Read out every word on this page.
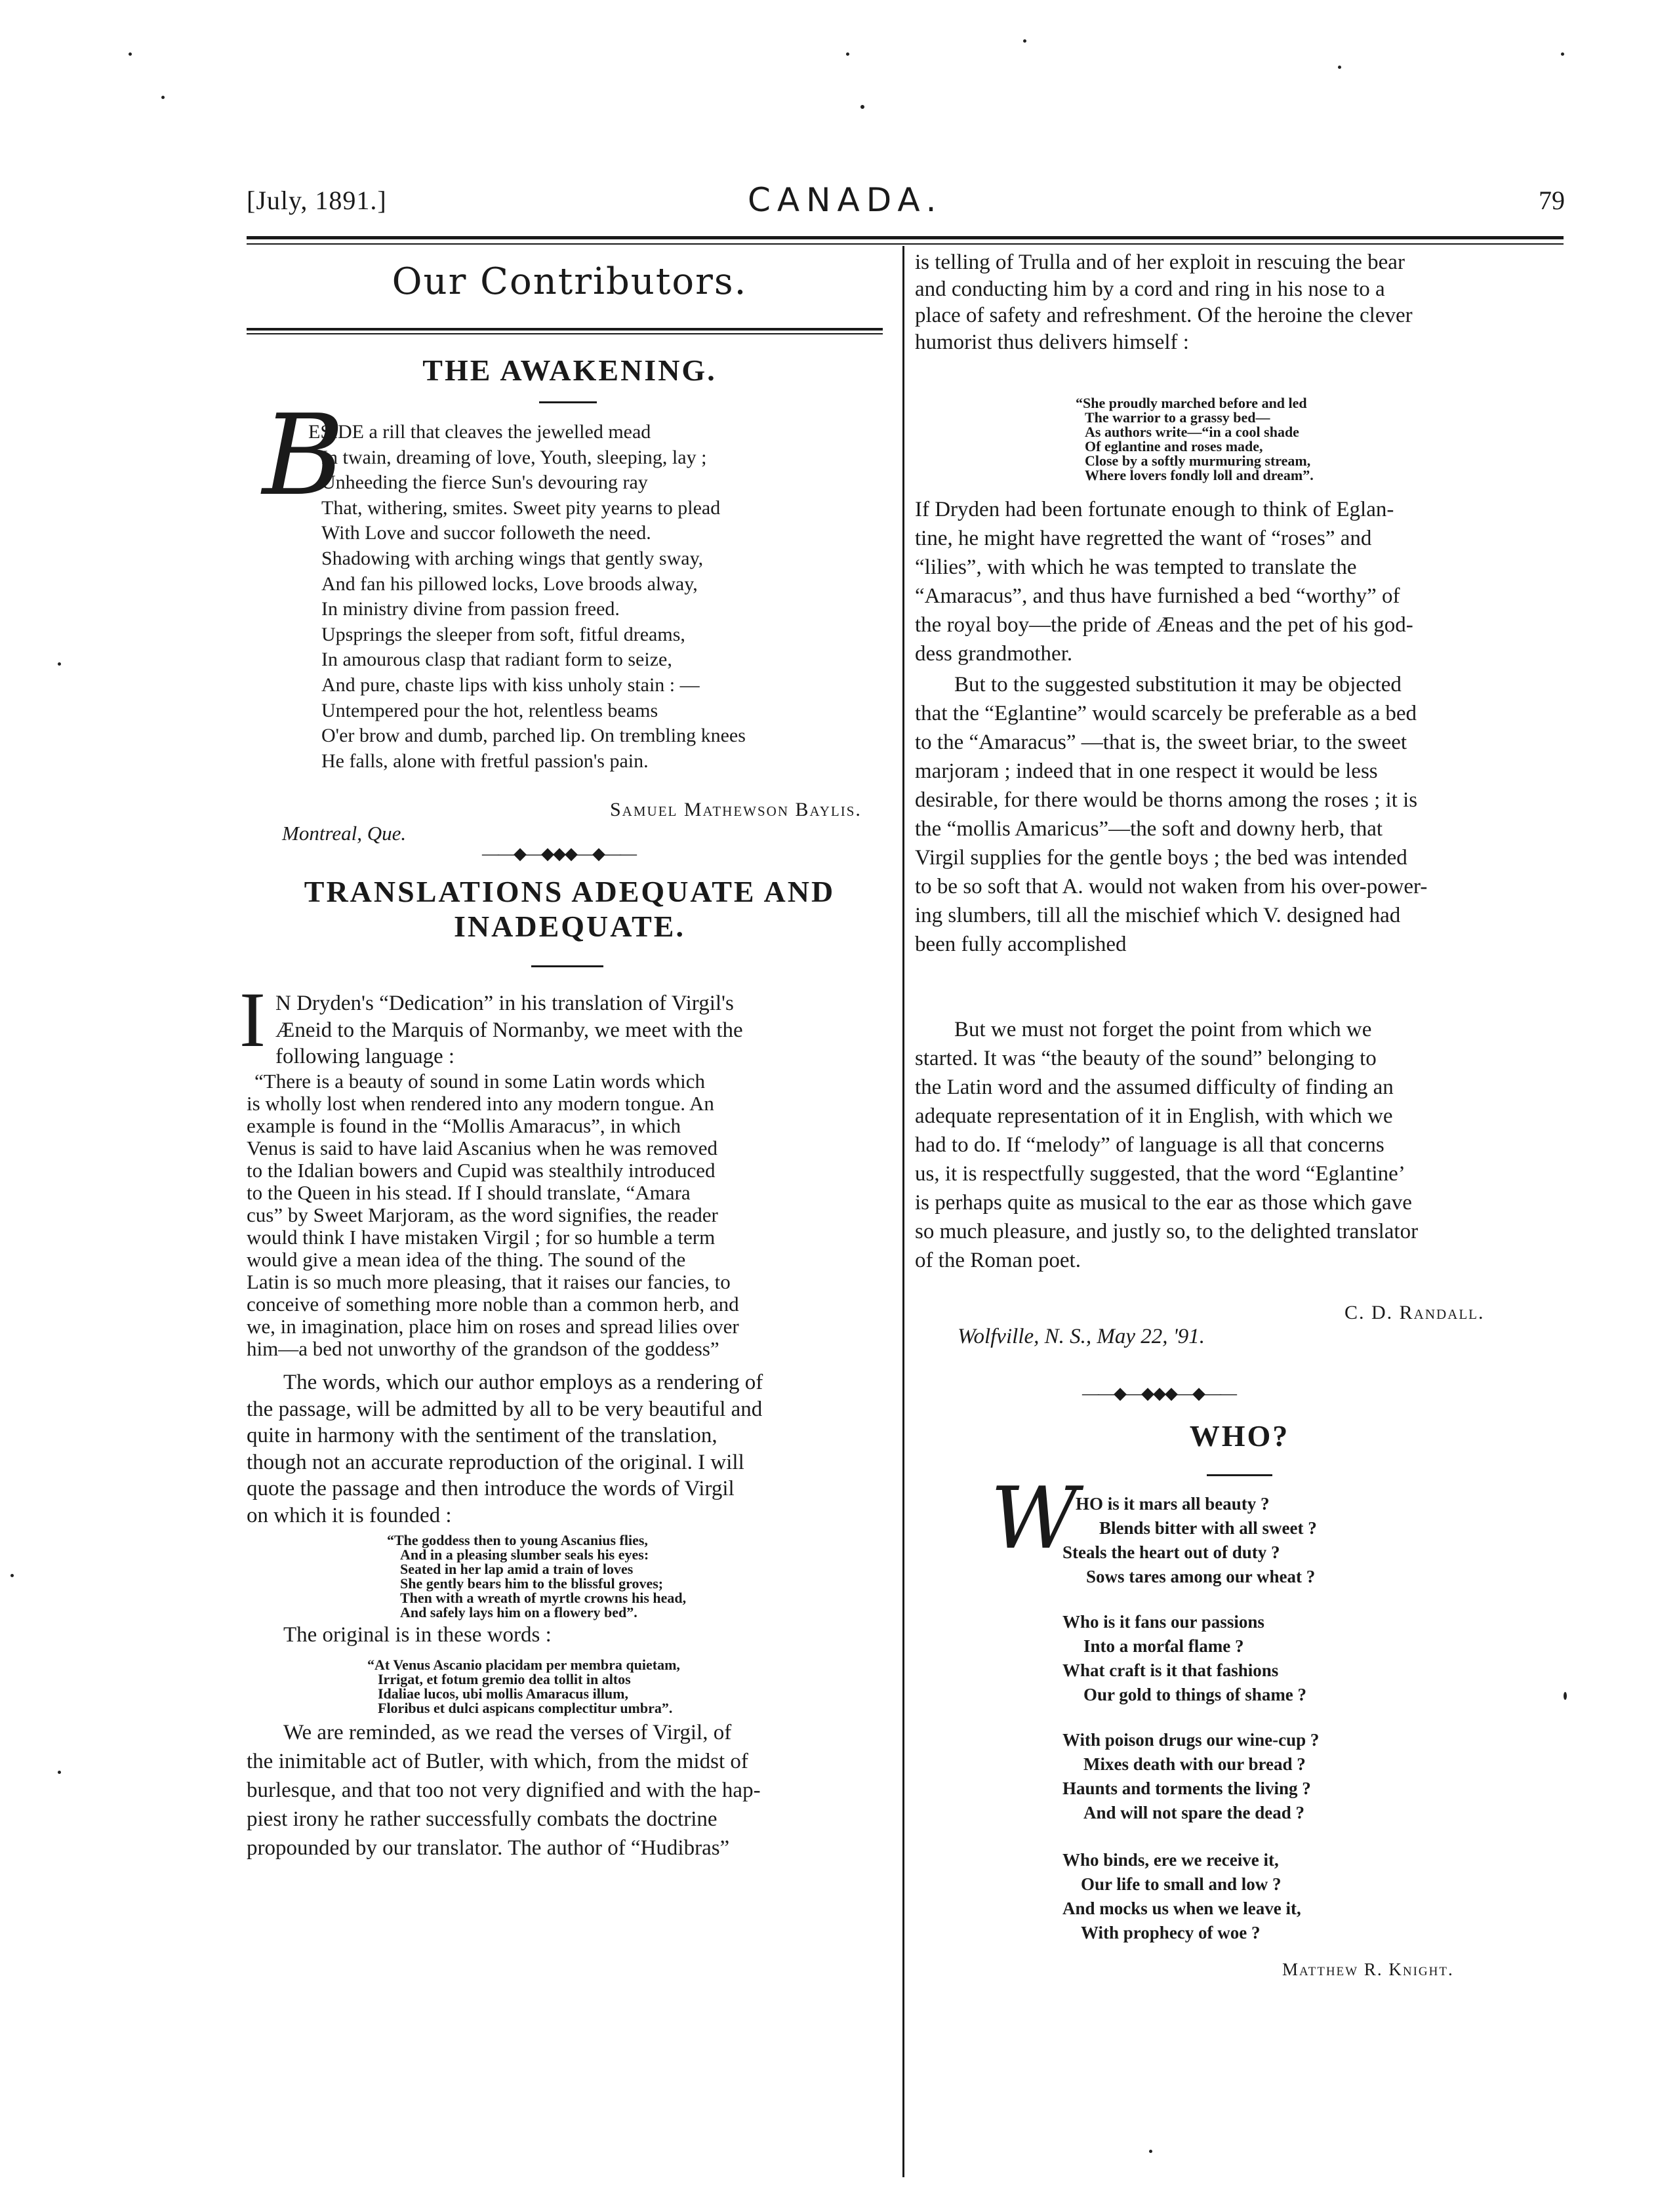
[July, 1891.]	CANADA.	79
Our Contributors.
THE AWAKENING.
B
ESIDE a rill that cleaves the jewelled mead
In twain, dreaming of love, Youth, sleeping, lay ;
Unheeding the fierce Sun's devouring ray
That, withering, smites. Sweet pity yearns to plead
With Love and succor followeth the need.
Shadowing with arching wings that gently sway,
And fan his pillowed locks, Love broods alway,
In ministry divine from passion freed.
Upsprings the sleeper from soft, fitful dreams,
In amourous clasp that radiant form to seize,
And pure, chaste lips with kiss unholy stain : —
Untempered pour the hot, relentless beams
O'er brow and dumb, parched lip. On trembling knees
He falls, alone with fretful passion's pain.
Samuel Mathewson Baylis.
Montreal, Que.
——◆—◆◆◆—◆——
TRANSLATIONS ADEQUATE AND
INADEQUATE.
I N Dryden's “Dedication” in his translation of Virgil's
Æneid to the Marquis of Normanby, we meet with the
following language :
“There is a beauty of sound in some Latin words which
is wholly lost when rendered into any modern tongue. An
example is found in the “Mollis Amaracus”, in which
Venus is said to have laid Ascanius when he was removed
to the Idalian bowers and Cupid was stealthily introduced
to the Queen in his stead. If I should translate, “Amara
cus” by Sweet Marjoram, as the word signifies, the reader
would think I have mistaken Virgil ; for so humble a term
would give a mean idea of the thing. The sound of the
Latin is so much more pleasing, that it raises our fancies, to
conceive of something more noble than a common herb, and
we, in imagination, place him on roses and spread lilies over
him—a bed not unworthy of the grandson of the goddess”
The words, which our author employs as a rendering of
the passage, will be admitted by all to be very beautiful and
quite in harmony with the sentiment of the translation,
though not an accurate reproduction of the original. I will
quote the passage and then introduce the words of Virgil
on which it is founded :
“The goddess then to young Ascanius flies,
And in a pleasing slumber seals his eyes:
Seated in her lap amid a train of loves
She gently bears him to the blissful groves;
Then with a wreath of myrtle crowns his head,
And safely lays him on a flowery bed”.
The original is in these words :
“At Venus Ascanio placidam per membra quietam,
Irrigat, et fotum gremio dea tollit in altos
Idaliae lucos, ubi mollis Amaracus illum,
Floribus et dulci aspicans complectitur umbra”.
We are reminded, as we read the verses of Virgil, of
the inimitable act of Butler, with which, from the midst of
burlesque, and that too not very dignified and with the hap-
piest irony he rather successfully combats the doctrine
propounded by our translator. The author of “Hudibras”
is telling of Trulla and of her exploit in rescuing the bear
and conducting him by a cord and ring in his nose to a
place of safety and refreshment. Of the heroine the clever
humorist thus delivers himself :
“She proudly marched before and led
The warrior to a grassy bed—
As authors write—“in a cool shade
Of eglantine and roses made,
Close by a softly murmuring stream,
Where lovers fondly loll and dream”.
If Dryden had been fortunate enough to think of Eglan-
tine, he might have regretted the want of “roses” and
“lilies”, with which he was tempted to translate the
“Amaracus”, and thus have furnished a bed “worthy” of
the royal boy—the pride of Æneas and the pet of his god-
dess grandmother.
But to the suggested substitution it may be objected
that the “Eglantine” would scarcely be preferable as a bed
to the “Amaracus” —that is, the sweet briar, to the sweet
marjoram ; indeed that in one respect it would be less
desirable, for there would be thorns among the roses ; it is
the “mollis Amaricus”—the soft and downy herb, that
Virgil supplies for the gentle boys ; the bed was intended
to be so soft that A. would not waken from his over-power-
ing slumbers, till all the mischief which V. designed had
been fully accomplished
But we must not forget the point from which we
started. It was “the beauty of the sound” belonging to
the Latin word and the assumed difficulty of finding an
adequate representation of it in English, with which we
had to do. If “melody” of language is all that concerns
us, it is respectfully suggested, that the word “Eglantine’
is perhaps quite as musical to the ear as those which gave
so much pleasure, and justly so, to the delighted translator
of the Roman poet.
C. D. Randall.
Wolfville, N. S., May 22, '91.
——◆—◆◆◆—◆——
WHO?
W
HO is it mars all beauty ?
Blends bitter with all sweet ?
Steals the heart out of duty ?
Sows tares among our wheat ?
Who is it fans our passions
Into a mortal flame ?
What craft is it that fashions
Our gold to things of shame ?
With poison drugs our wine-cup ?
Mixes death with our bread ?
Haunts and torments the living ?
And will not spare the dead ?
Who binds, ere we receive it,
Our life to small and low ?
And mocks us when we leave it,
With prophecy of woe ?
Matthew R. Knight.
